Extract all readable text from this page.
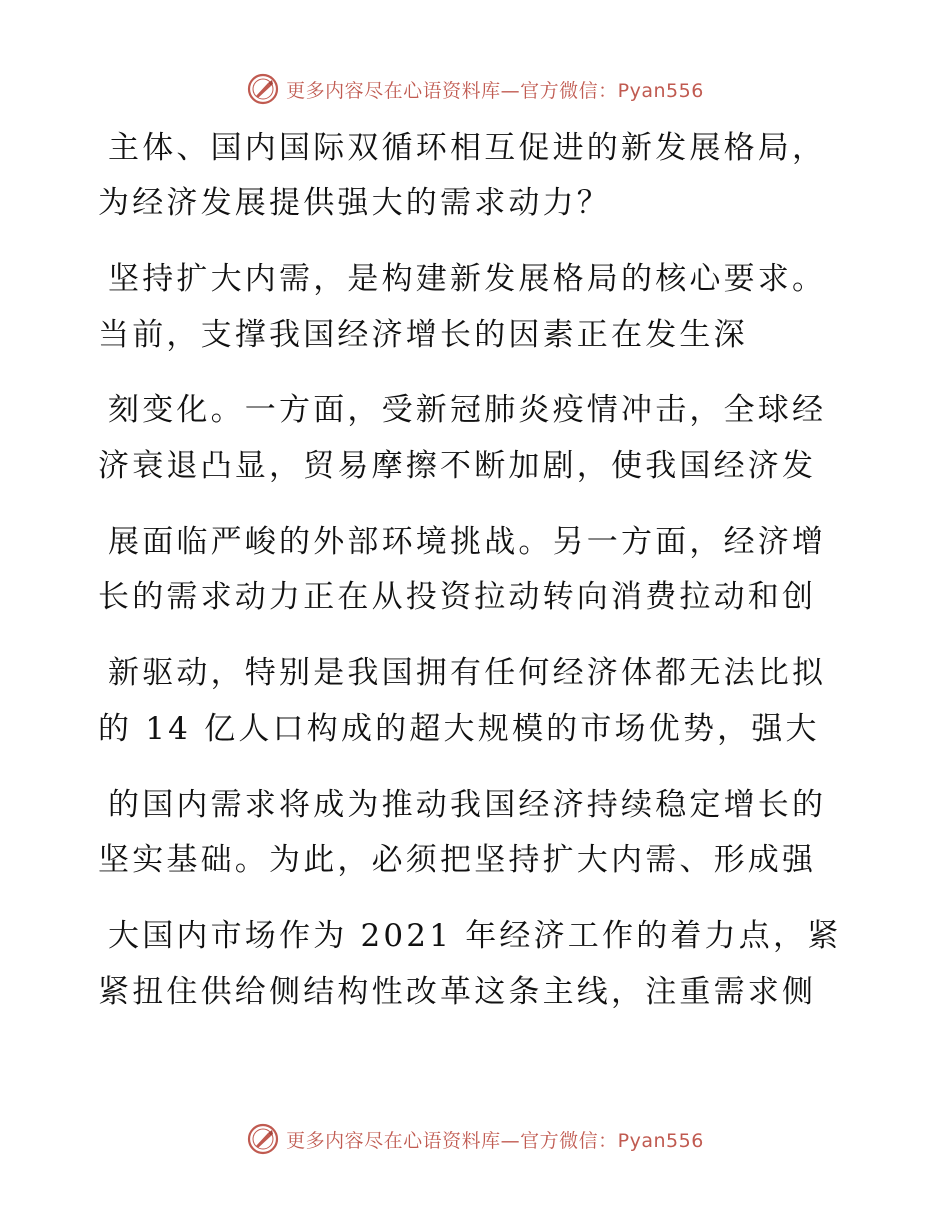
更多内容尽在心语资料库—官方微信：Pyan556
主体、国内国际双循环相互促进的新发展格局，
为经济发展提供强大的需求动力？
坚持扩大内需，是构建新发展格局的核心要求。
当前，支撑我国经济增长的因素正在发生深
刻变化。一方面，受新冠肺炎疫情冲击，全球经
济衰退凸显，贸易摩擦不断加剧，使我国经济发
展面临严峻的外部环境挑战。另一方面，经济增
长的需求动力正在从投资拉动转向消费拉动和创
新驱动，特别是我国拥有任何经济体都无法比拟
的 14 亿人口构成的超大规模的市场优势，强大
的国内需求将成为推动我国经济持续稳定增长的
坚实基础。为此，必须把坚持扩大内需、形成强
大国内市场作为 2021 年经济工作的着力点，紧
紧扭住供给侧结构性改革这条主线，注重需求侧
更多内容尽在心语资料库—官方微信：Pyan556
